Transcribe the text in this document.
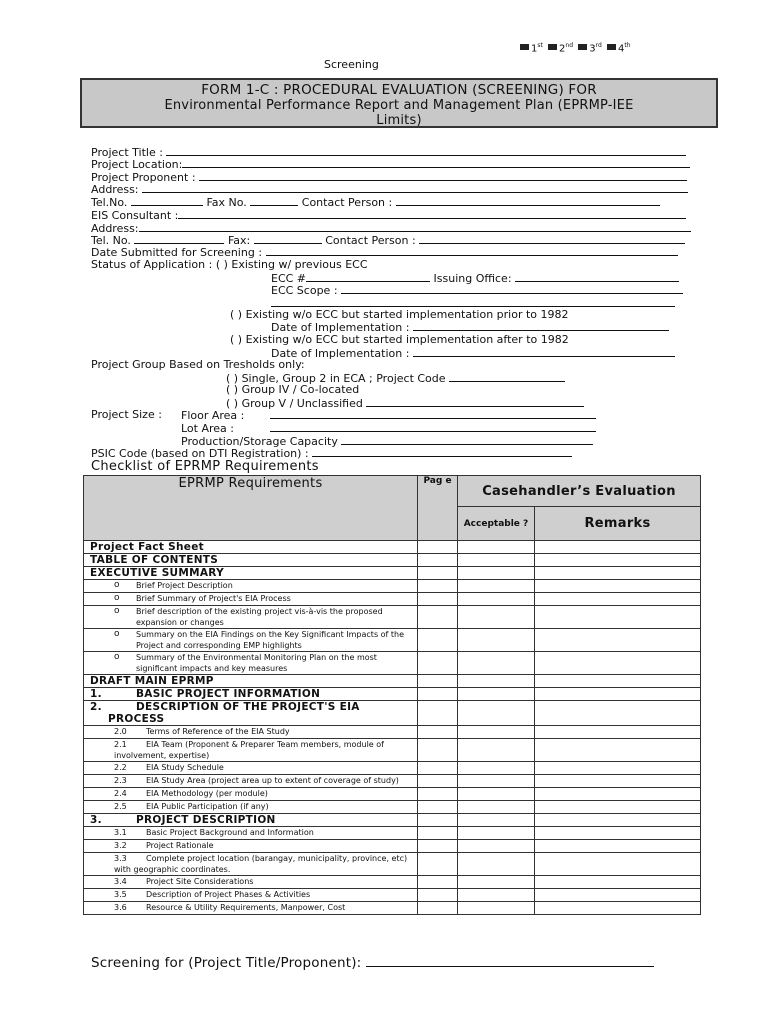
1st 2nd 3rd 4th
Screening
FORM 1-C : PROCEDURAL EVALUATION (SCREENING) FOR
Environmental Performance Report and Management Plan (EPRMP-IEE
Limits)
Project Title :
Project Location:
Project Proponent :
Address:
Tel.No.	Fax No.	Contact Person :
EIS Consultant :
Address:
Tel. No.	Fax:	Contact Person :
Date Submitted for Screening :
Status of Application : ( ) Existing w/ previous ECC
ECC #	Issuing Office:
ECC Scope :
( ) Existing w/o ECC but started implementation prior to 1982
Date of Implementation :
( ) Existing w/o ECC but started implementation after to 1982
Date of Implementation :
Project Group Based on Tresholds only:
( ) Single, Group 2 in ECA ; Project Code
( ) Group IV / Co-located
( ) Group V / Unclassified
Project Size : Floor Area :
Lot Area :
Production/Storage Capacity
PSIC Code (based on DTI Registration) :
Checklist of EPRMP Requirements
EPRMP Requirements	Pag e	Casehandler’s Evaluation	
		Acceptable ?	Remarks
Project Fact Sheet			
TABLE OF CONTENTS			
EXECUTIVE SUMMARY			

o Brief Project Description			

o Brief Summary of Project's EIA Process			

o Brief description of the existing project vis-à-vis the proposed expansion or changes			

o Summary on the EIA Findings on the Key Significant Impacts of the Project and corresponding EMP highlights			

o Summary of the Environmental Monitoring Plan on the most significant impacts and key measures			
DRAFT MAIN EPRMP			
1. BASIC PROJECT INFORMATION			
2. DESCRIPTION OF THE PROJECT'S EIA
PROCESS			

2.0 Terms of Reference of the EIA Study			
2.1 EIA Team (Proponent & Preparer Team members, module of involvement, expertise)			
2.2 EIA Study Schedule			
2.3 EIA Study Area (project area up to extent of coverage of study)			
2.4 EIA Methodology (per module)			
2.5 EIA Public Participation (if any)			
3. PROJECT DESCRIPTION			
3.1 Basic Project Background and Information			
3.2 Project Rationale			
3.3 Complete project location (barangay, municipality, province, etc) with geographic coordinates.			
3.4 Project Site Considerations			
3.5 Description of Project Phases & Activities			
3.6 Resource & Utility Requirements, Manpower, Cost			
Screening for (Project Title/Proponent):
